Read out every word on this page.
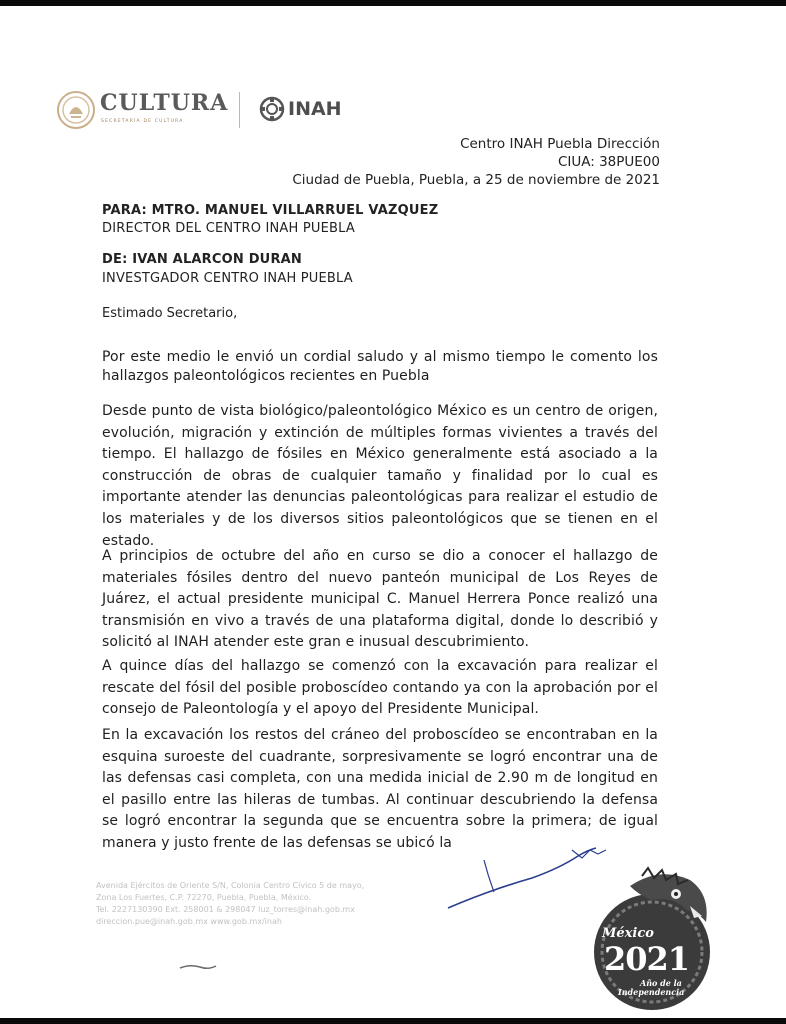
CULTURA
SECRETARÍA DE CULTURA
INAH
Centro INAH Puebla Dirección
CIUA: 38PUE00
Ciudad de Puebla, Puebla, a 25 de noviembre de 2021
PARA: MTRO. MANUEL VILLARRUEL VAZQUEZ
DIRECTOR DEL CENTRO INAH PUEBLA
DE: IVAN ALARCON DURAN
INVESTGADOR CENTRO INAH PUEBLA
Estimado Secretario,
Por este medio le envió un cordial saludo y al mismo tiempo le comento los hallazgos paleontológicos recientes en Puebla
Desde punto de vista biológico/paleontológico México es un centro de origen, evolución, migración y extinción de múltiples formas vivientes a través del tiempo. El hallazgo de fósiles en México generalmente está asociado a la construcción de obras de cualquier tamaño y finalidad por lo cual es importante atender las denuncias paleontológicas para realizar el estudio de los materiales y de los diversos sitios paleontológicos que se tienen en el estado.
A principios de octubre del año en curso se dio a conocer el hallazgo de materiales fósiles dentro del nuevo panteón municipal de Los Reyes de Juárez, el actual presidente municipal C. Manuel Herrera Ponce realizó una transmisión en vivo a través de una plataforma digital, donde lo describió y solicitó al INAH atender este gran e inusual descubrimiento.
A quince días del hallazgo se comenzó con la excavación para realizar el rescate del fósil del posible proboscídeo contando ya con la aprobación por el consejo de Paleontología y el apoyo del Presidente Municipal.
En la excavación los restos del cráneo del proboscídeo se encontraban en la esquina suroeste del cuadrante, sorpresivamente se logró encontrar una de las defensas casi completa, con una medida inicial de 2.90 m de longitud en el pasillo entre las hileras de tumbas. Al continuar descubriendo la defensa se logró encontrar la segunda que se encuentra sobre la primera; de igual manera y justo frente de las defensas se ubicó la
Avenida Ejércitos de Oriente S/N, Colonia Centro Cívico 5 de mayo,
Zona Los Fuertes, C.P. 72270, Puebla, Puebla, México.
Tel. 2227130390 Ext. 258001 & 298047 luz_torres@inah.gob.mx
direccion.pue@inah.gob.mx www.gob.mx/inah
México
2021
Año de la
Independencia
